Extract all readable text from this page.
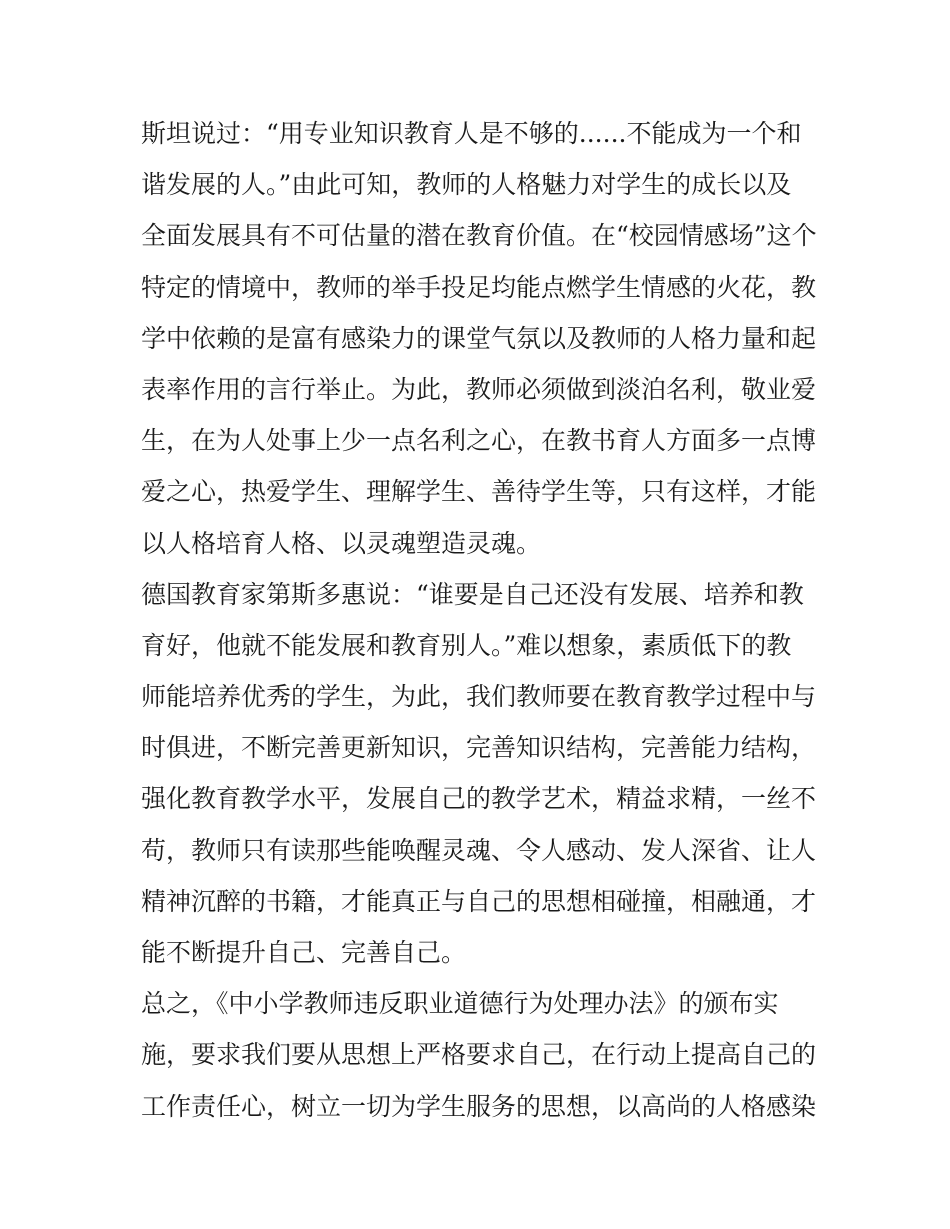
斯坦说过：“用专业知识教育人是不够的......不能成为一个和
谐发展的人。”由此可知，教师的人格魅力对学生的成长以及
全面发展具有不可估量的潜在教育价值。在“校园情感场”这个
特定的情境中，教师的举手投足均能点燃学生情感的火花，教
学中依赖的是富有感染力的课堂气氛以及教师的人格力量和起
表率作用的言行举止。为此，教师必须做到淡泊名利，敬业爱
生，在为人处事上少一点名利之心，在教书育人方面多一点博
爱之心，热爱学生、理解学生、善待学生等，只有这样，才能
以人格培育人格、以灵魂塑造灵魂。
德国教育家第斯多惠说：“谁要是自己还没有发展、培养和教
育好，他就不能发展和教育别人。”难以想象，素质低下的教
师能培养优秀的学生，为此，我们教师要在教育教学过程中与
时俱进，不断完善更新知识，完善知识结构，完善能力结构，
强化教育教学水平，发展自己的教学艺术，精益求精，一丝不
苟，教师只有读那些能唤醒灵魂、令人感动、发人深省、让人
精神沉醉的书籍，才能真正与自己的思想相碰撞，相融通，才
能不断提升自己、完善自己。
总之，《中小学教师违反职业道德行为处理办法》的颁布实
施，要求我们要从思想上严格要求自己，在行动上提高自己的
工作责任心，树立一切为学生服务的思想，以高尚的人格感染
